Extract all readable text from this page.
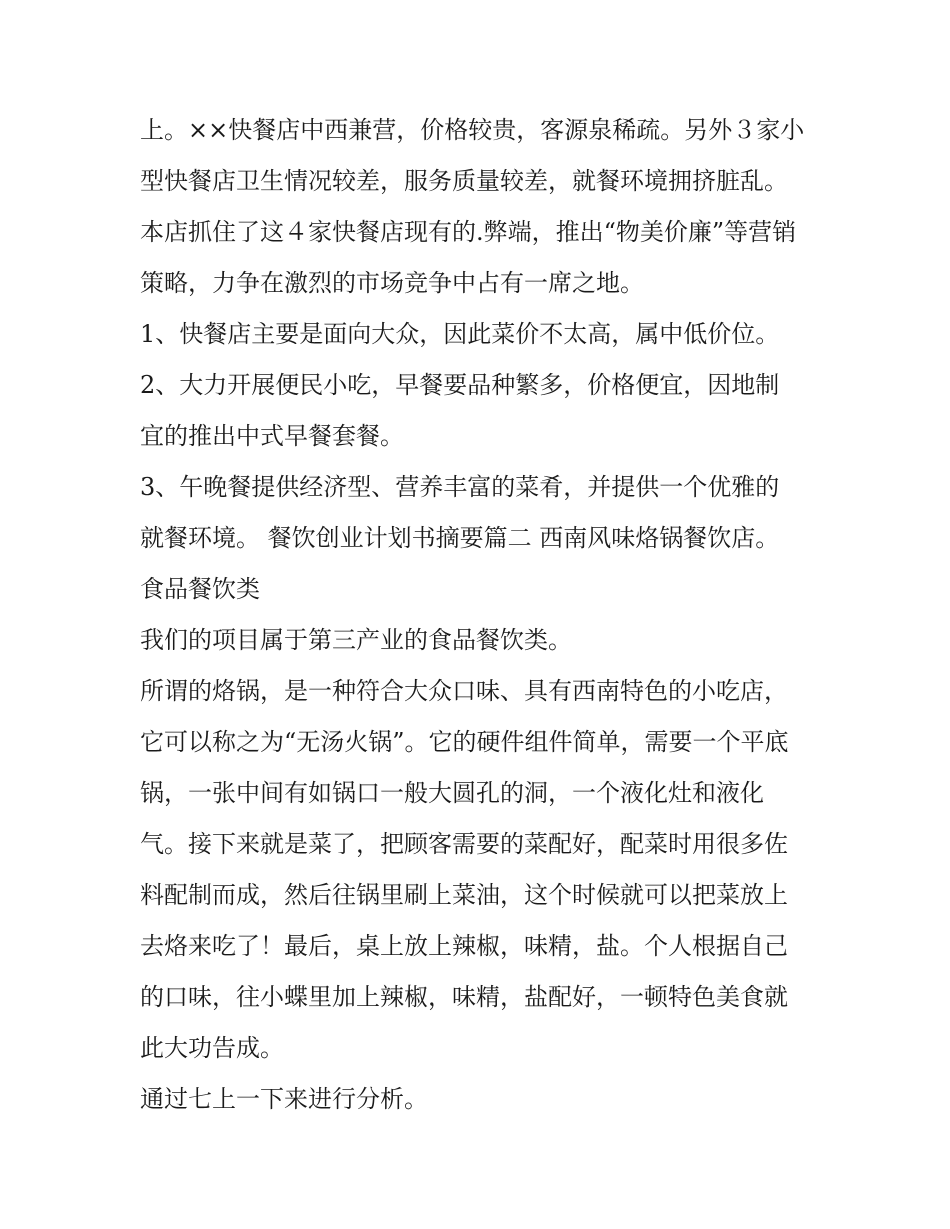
上。××快餐店中西兼营，价格较贵，客源泉稀疏。另外３家小
型快餐店卫生情况较差，服务质量较差，就餐环境拥挤脏乱。
本店抓住了这４家快餐店现有的.弊端，推出“物美价廉”等营销
策略，力争在激烈的市场竞争中占有一席之地。

1、快餐店主要是面向大众，因此菜价不太高，属中低价位。

2、大力开展便民小吃，早餐要品种繁多，价格便宜，因地制
宜的推出中式早餐套餐。

3、午晚餐提供经济型、营养丰富的菜肴，并提供一个优雅的
就餐环境。 餐饮创业计划书摘要篇二 西南风味烙锅餐饮店。

食品餐饮类

我们的项目属于第三产业的食品餐饮类。

所谓的烙锅，是一种符合大众口味、具有西南特色的小吃店，
它可以称之为“无汤火锅”。它的硬件组件简单，需要一个平底
锅，一张中间有如锅口一般大圆孔的洞，一个液化灶和液化
气。接下来就是菜了，把顾客需要的菜配好，配菜时用很多佐
料配制而成，然后往锅里刷上菜油，这个时候就可以把菜放上
去烙来吃了！最后，桌上放上辣椒，味精，盐。个人根据自己
的口味，往小蝶里加上辣椒，味精，盐配好，一顿特色美食就
此大功告成。

通过七上一下来进行分析。
